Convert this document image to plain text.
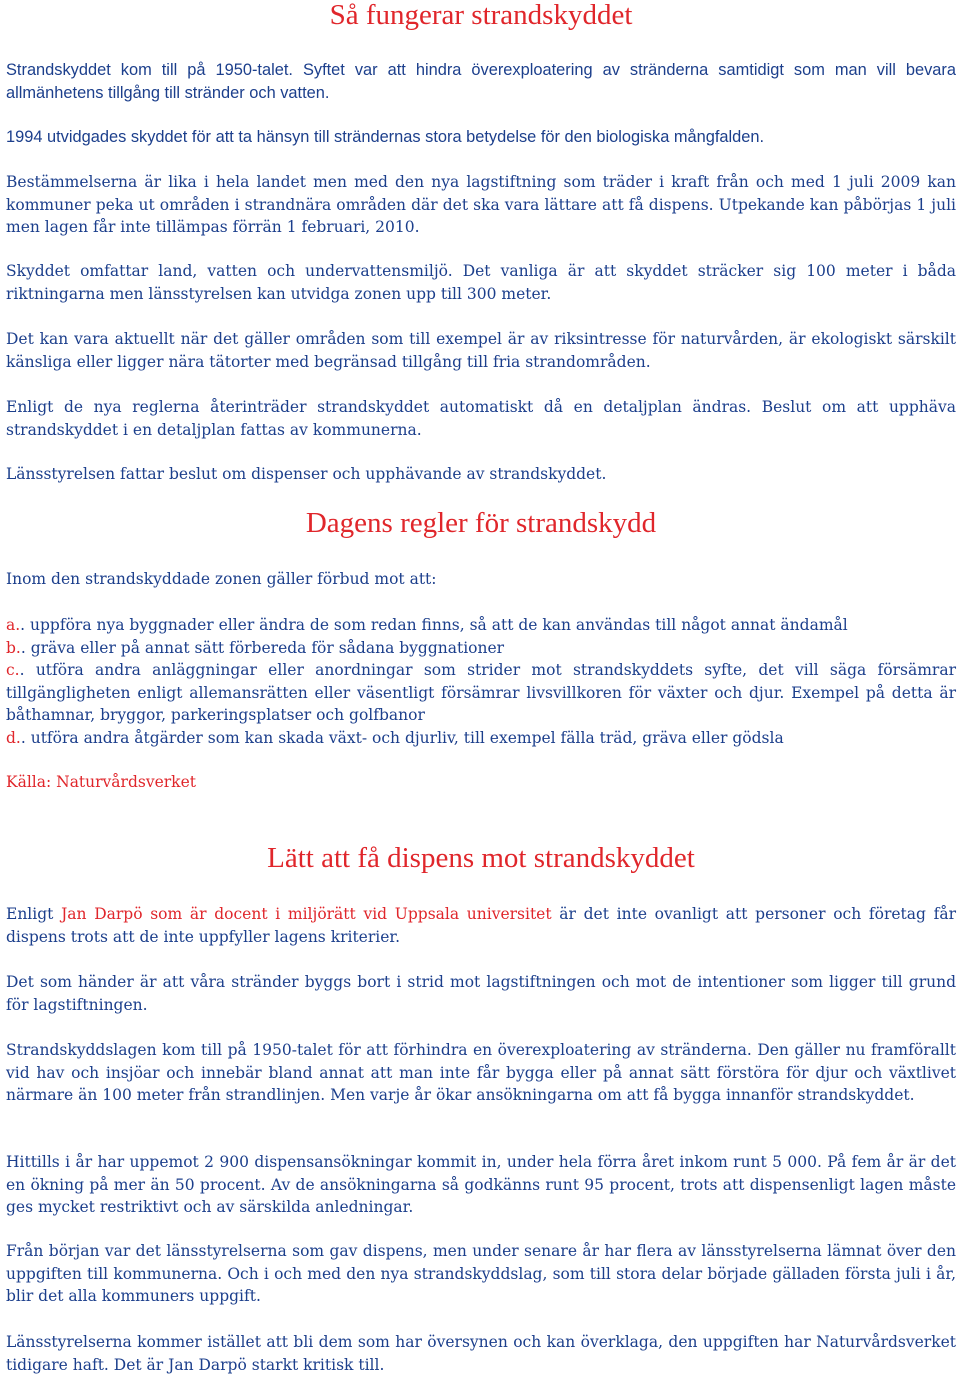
Så fungerar strandskyddet

Strandskyddet kom till på 1950-talet. Syftet var att hindra överexploatering av stränderna samtidigt som man vill bevara allmänhetens tillgång till stränder och vatten.

1994 utvidgades skyddet för att ta hänsyn till strändernas stora betydelse för den biologiska mångfalden.

Bestämmelserna är lika i hela landet men med den nya lagstiftning som träder i kraft från och med 1 juli 2009 kan kommuner peka ut områden i strandnära områden där det ska vara lättare att få dispens. Utpekande kan påbörjas 1 juli men lagen får inte tillämpas förrän 1 februari, 2010.

Skyddet omfattar land, vatten och undervattensmiljö. Det vanliga är att skyddet sträcker sig 100 meter i båda riktningarna men länsstyrelsen kan utvidga zonen upp till 300 meter.

Det kan vara aktuellt när det gäller områden som till exempel är av riksintresse för naturvården, är ekologiskt särskilt känsliga eller ligger nära tätorter med begränsad tillgång till fria strandområden.

Enligt de nya reglerna återinträder strandskyddet automatiskt då en detaljplan ändras. Beslut om att upphäva strandskyddet i en detaljplan fattas av kommunerna.

Länsstyrelsen fattar beslut om dispenser och upphävande av strandskyddet.

Dagens regler för strandskydd

Inom den strandskyddade zonen gäller förbud mot att:

a.. uppföra nya byggnader eller ändra de som redan finns, så att de kan användas till något annat ändamål

b.. gräva eller på annat sätt förbereda för sådana byggnationer

c.. utföra andra anläggningar eller anordningar som strider mot strandskyddets syfte, det vill säga försämrar tillgängligheten enligt allemansrätten eller väsentligt försämrar livsvillkoren för växter och djur. Exempel på detta är båthamnar, bryggor, parkeringsplatser och golfbanor

d.. utföra andra åtgärder som kan skada växt- och djurliv, till exempel fälla träd, gräva eller gödsla

Källa: Naturvårdsverket

Lätt att få dispens mot strandskyddet

Enligt Jan Darpö som är docent i miljörätt vid Uppsala universitet är det inte ovanligt att personer och företag får dispens trots att de inte uppfyller lagens kriterier.

Det som händer är att våra stränder byggs bort i strid mot lagstiftningen och mot de intentioner som ligger till grund för lagstiftningen.

Strandskyddslagen kom till på 1950-talet för att förhindra en överexploatering av stränderna. Den gäller nu framförallt vid hav och insjöar och innebär bland annat att man inte får bygga eller på annat sätt förstöra för djur och växtlivet närmare än 100 meter från strandlinjen. Men varje år ökar ansökningarna om att få bygga innanför strandskyddet.

Hittills i år har uppemot 2 900 dispensansökningar kommit in, under hela förra året inkom runt 5 000. På fem år är det en ökning på mer än 50 procent. Av de ansökningarna så godkänns runt 95 procent, trots att dispensenligt lagen måste ges mycket restriktivt och av särskilda anledningar.

Från början var det länsstyrelserna som gav dispens, men under senare år har flera av länsstyrelserna lämnat över den uppgiften till kommunerna. Och i och med den nya strandskyddslag, som till stora delar började gälladen första juli i år, blir det alla kommuners uppgift.

Länsstyrelserna kommer istället att bli dem som har översynen och kan överklaga, den uppgiften har Naturvårdsverket tidigare haft. Det är Jan Darpö starkt kritisk till.
